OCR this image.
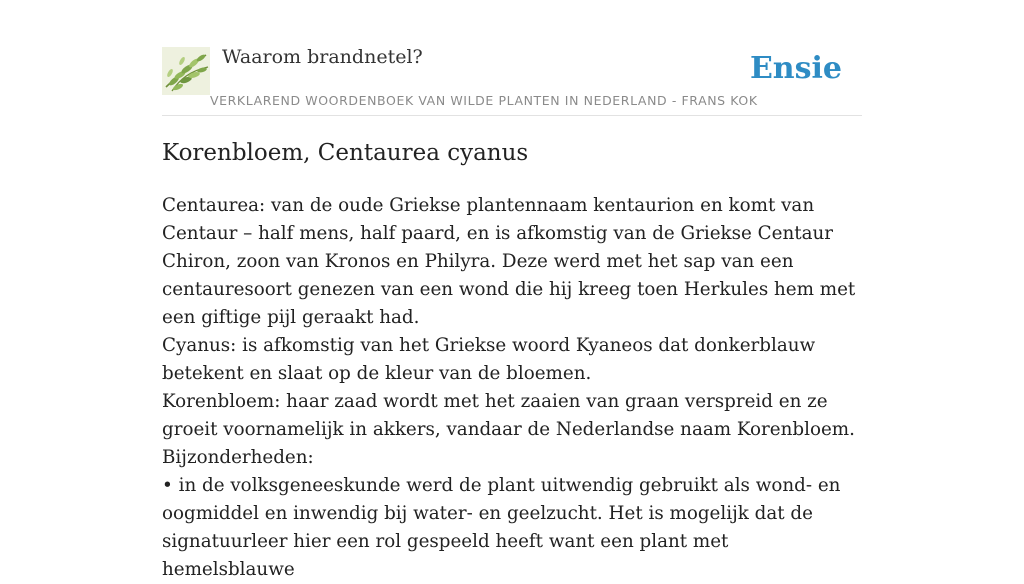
Waarom brandnetel?
VERKLAREND WOORDENBOEK VAN WILDE PLANTEN IN NEDERLAND - FRANS KOK
Ensie
Korenbloem, Centaurea cyanus

Centaurea: van de oude Griekse plantennaam kentaurion en komt van Centaur – half mens, half paard, en is afkomstig van de Griekse Centaur Chiron, zoon van Kronos en Philyra. Deze werd met het sap van een centauresoort genezen van een wond die hij kreeg toen Herkules hem met een giftige pijl geraakt had.

Cyanus: is afkomstig van het Griekse woord Kyaneos dat donkerblauw betekent en slaat op de kleur van de bloemen.

Korenbloem: haar zaad wordt met het zaaien van graan verspreid en ze groeit voornamelijk in akkers, vandaar de Nederlandse naam Korenbloem.

Bijzonderheden:

• in de volksgeneeskunde werd de plant uitwendig gebruikt als wond- en oogmiddel en inwendig bij water- en geelzucht. Het is mogelijk dat de signatuurleer hier een rol gespeeld heeft want een plant met hemelsblauwe
